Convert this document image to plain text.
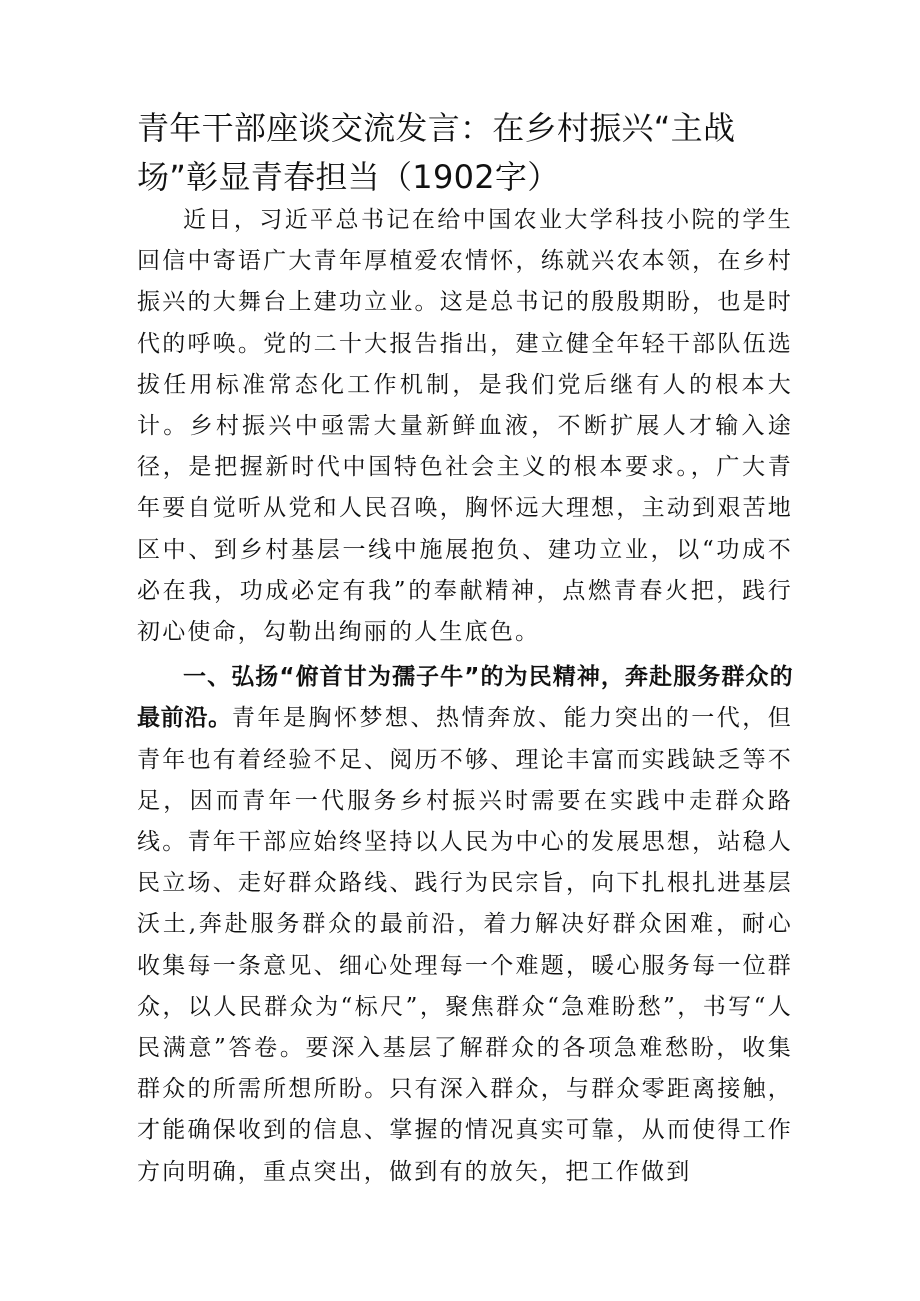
青年干部座谈交流发言：在乡村振兴“主战场”彰显青春担当（1902字）

近日，习近平总书记在给中国农业大学科技小院的学生回信中寄语广大青年厚植爱农情怀，练就兴农本领，在乡村振兴的大舞台上建功立业。这是总书记的殷殷期盼，也是时代的呼唤。党的二十大报告指出，建立健全年轻干部队伍选拔任用标准常态化工作机制，是我们党后继有人的根本大计。乡村振兴中亟需大量新鲜血液，不断扩展人才输入途径，是把握新时代中国特色社会主义的根本要求。，广大青年要自觉听从党和人民召唤，胸怀远大理想，主动到艰苦地区中、到乡村基层一线中施展抱负、建功立业，以“功成不必在我，功成必定有我”的奉献精神，点燃青春火把，践行初心使命，勾勒出绚丽的人生底色。

一、弘扬“俯首甘为孺子牛”的为民精神，奔赴服务群众的最前沿。青年是胸怀梦想、热情奔放、能力突出的一代，但青年也有着经验不足、阅历不够、理论丰富而实践缺乏等不足，因而青年一代服务乡村振兴时需要在实践中走群众路线。青年干部应始终坚持以人民为中心的发展思想，站稳人民立场、走好群众路线、践行为民宗旨，向下扎根扎进基层沃土,奔赴服务群众的最前沿，着力解决好群众困难，耐心收集每一条意见、细心处理每一个难题，暖心服务每一位群众，以人民群众为“标尺”，聚焦群众“急难盼愁”，书写“人民满意”答卷。要深入基层了解群众的各项急难愁盼，收集群众的所需所想所盼。只有深入群众，与群众零距离接触，才能确保收到的信息、掌握的情况真实可靠，从而使得工作方向明确，重点突出，做到有的放矢，把工作做到
